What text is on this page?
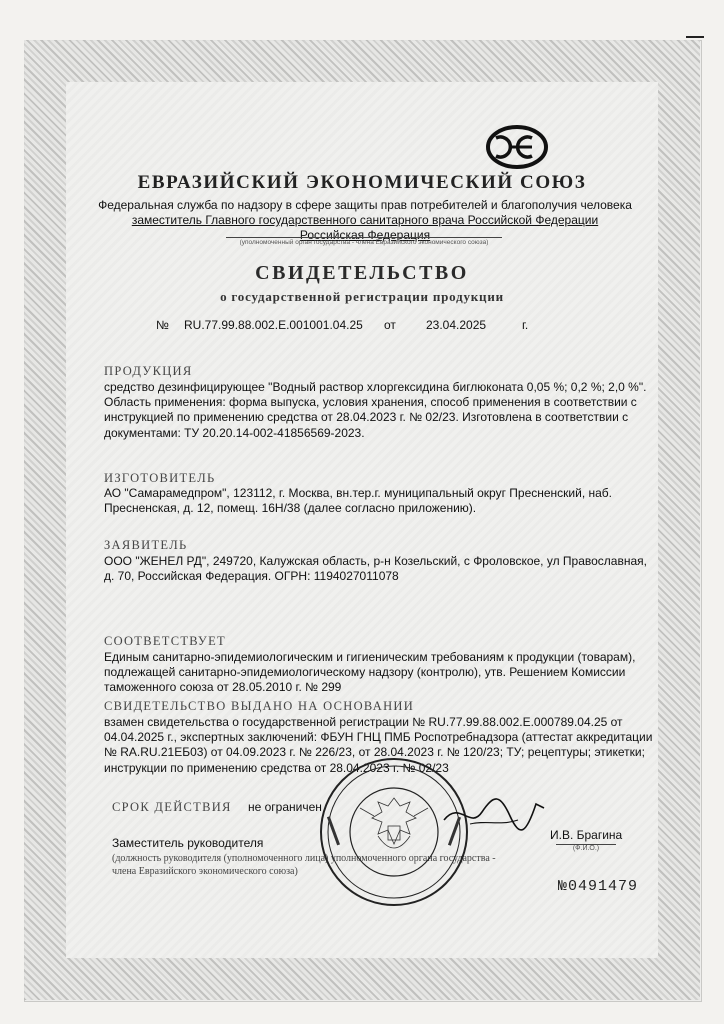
ЕВРАЗИЙСКИЙ ЭКОНОМИЧЕСКИЙ СОЮЗ
Федеральная служба по надзору в сфере защиты прав потребителей и благополучия человека
заместитель Главного государственного санитарного врача Российской Федерации
Российская Федерация
(уполномоченный орган государства - члена Евразийского экономического союза)
СВИДЕТЕЛЬСТВО
о государственной регистрации продукции
№ RU.77.99.88.002.Е.001001.04.25 от	23.04.2025	г.
ПРОДУКЦИЯ
средство дезинфицирующее "Водный раствор хлоргексидина биглюконата 0,05 %; 0,2 %; 2,0 %".
Область применения: форма выпуска, условия хранения, способ применения в соответствии с
инструкцией по применению средства от 28.04.2023 г. № 02/23. Изготовлена в соответствии с
документами: ТУ 20.20.14-002-41856569-2023.
ИЗГОТОВИТЕЛЬ
АО "Самарамедпром", 123112, г. Москва, вн.тер.г. муниципальный округ Пресненский, наб.
Пресненская, д. 12, помещ. 16Н/38 (далее согласно приложению).
ЗАЯВИТЕЛЬ
ООО "ЖЕНЕЛ РД", 249720, Калужская область, р-н Козельский, с Фроловское, ул Православная,
д. 70, Российская Федерация. ОГРН: 1194027011078
СООТВЕТСТВУЕТ
Единым санитарно-эпидемиологическим и гигиеническим требованиям к продукции (товарам),
подлежащей санитарно-эпидемиологическому надзору (контролю), утв. Решением Комиссии
таможенного союза от 28.05.2010 г. № 299
СВИДЕТЕЛЬСТВО ВЫДАНО НА ОСНОВАНИИ
взамен свидетельства о государственной регистрации № RU.77.99.88.002.Е.000789.04.25 от
04.04.2025 г., экспертных заключений: ФБУН ГНЦ ПМБ Роспотребнадзора (аттестат аккредитации
№ RA.RU.21ЕБ03) от 04.09.2023 г. № 226/23, от 28.04.2023 г. № 120/23; ТУ; рецептуры; этикетки;
инструкции по применению средства от 28.04.2023 г. № 02/23
СРОК ДЕЙСТВИЯ не ограничен
Заместитель руководителя
И.В. Брагина
(Ф.И.О.)
(должность руководителя (уполномоченного лица) уполномоченного органа государства -
члена Евразийского экономического союза)
№0491479
